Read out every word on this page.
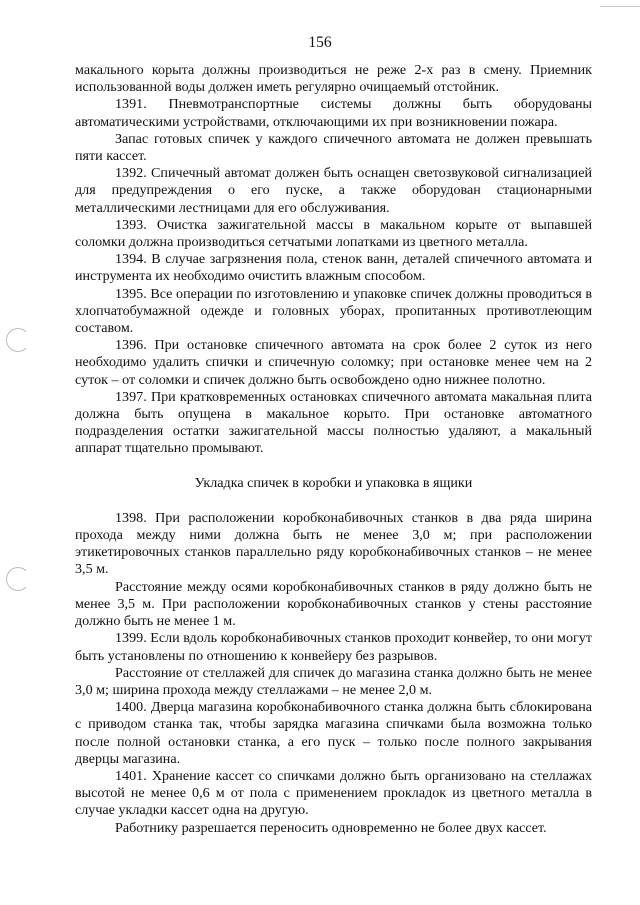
156

макального корыта должны производиться не реже 2-х раз в смену. Приемник использованной воды должен иметь регулярно очищаемый отстойник.

1391. Пневмотранспортные системы должны быть оборудованы автоматическими устройствами, отключающими их при возникновении пожара.

Запас готовых спичек у каждого спичечного автомата не должен превышать пяти кассет.

1392. Спичечный автомат должен быть оснащен светозвуковой сигнализацией для предупреждения о его пуске, а также оборудован стационарными металлическими лестницами для его обслуживания.

1393. Очистка зажигательной массы в макальном корыте от выпавшей соломки должна производиться сетчатыми лопатками из цветного металла.

1394. В случае загрязнения пола, стенок ванн, деталей спичечного автомата и инструмента их необходимо очистить влажным способом.

1395. Все операции по изготовлению и упаковке спичек должны проводиться в хлопчатобумажной одежде и головных уборах, пропитанных противотлеющим составом.

1396. При остановке спичечного автомата на срок более 2 суток из него необходимо удалить спички и спичечную соломку; при остановке менее чем на 2 суток – от соломки и спичек должно быть освобождено одно нижнее полотно.

1397. При кратковременных остановках спичечного автомата макальная плита должна быть опущена в макальное корыто. При остановке автоматного подразделения остатки зажигательной массы полностью удаляют, а макальный аппарат тщательно промывают.

Укладка спичек в коробки и упаковка в ящики

1398. При расположении коробконабивочных станков в два ряда ширина прохода между ними должна быть не менее 3,0 м; при расположении этикетировочных станков параллельно ряду коробконабивочных станков – не менее 3,5 м.

Расстояние между осями коробконабивочных станков в ряду должно быть не менее 3,5 м. При расположении коробконабивочных станков у стены расстояние должно быть не менее 1 м.

1399. Если вдоль коробконабивочных станков проходит конвейер, то они могут быть установлены по отношению к конвейеру без разрывов.

Расстояние от стеллажей для спичек до магазина станка должно быть не менее 3,0 м; ширина прохода между стеллажами – не менее 2,0 м.

1400. Дверца магазина коробконабивочного станка должна быть сблокирована с приводом станка так, чтобы зарядка магазина спичками была возможна только после полной остановки станка, а его пуск – только после полного закрывания дверцы магазина.

1401. Хранение кассет со спичками должно быть организовано на стеллажах высотой не менее 0,6 м от пола с применением прокладок из цветного металла в случае укладки кассет одна на другую.

Работнику разрешается переносить одновременно не более двух кассет.
